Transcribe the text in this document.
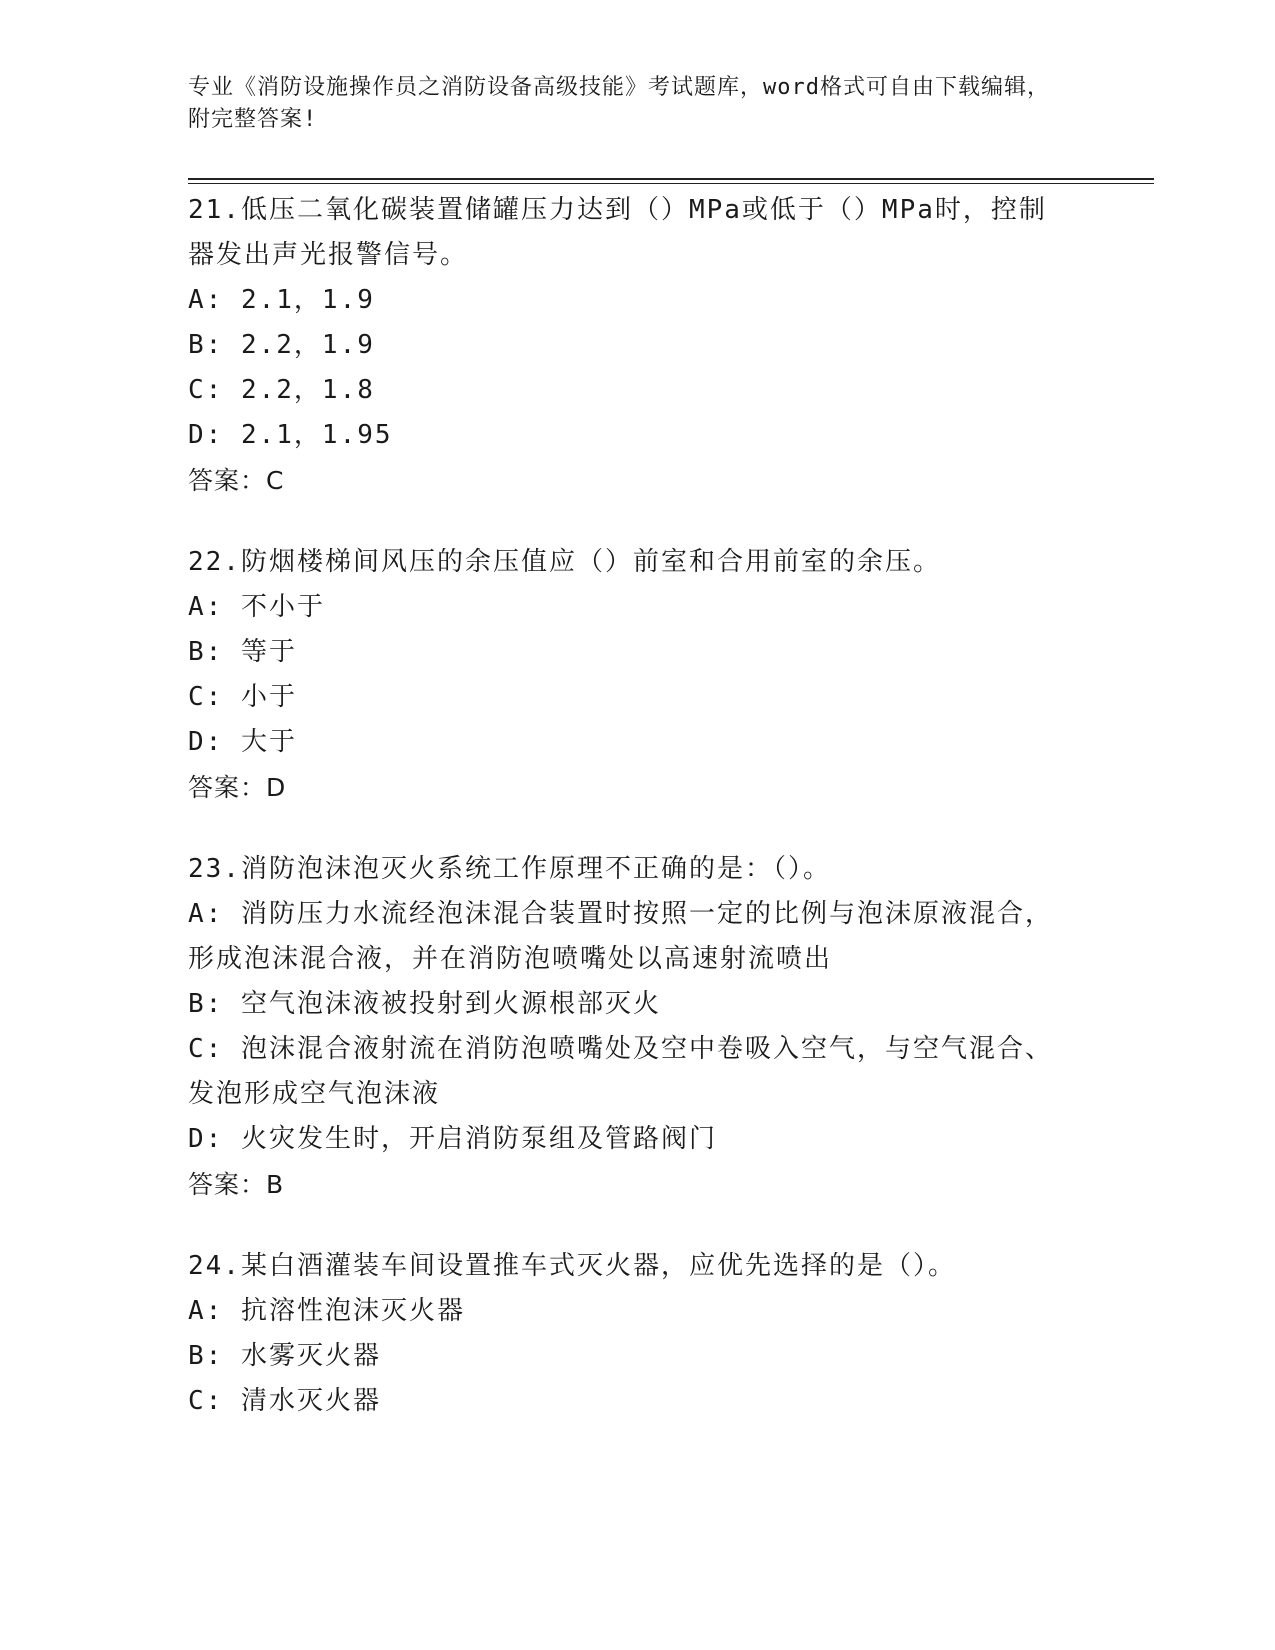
专业《消防设施操作员之消防设备高级技能》考试题库，word格式可自由下载编辑，附完整答案!
21.低压二氧化碳装置储罐压力达到（）MPa或低于（）MPa时，控制器发出声光报警信号。
A: 2.1，1.9
B: 2.2，1.9
C: 2.2，1.8
D: 2.1，1.95
答案：C
22.防烟楼梯间风压的余压值应（）前室和合用前室的余压。
A: 不小于
B: 等于
C: 小于
D: 大于
答案：D
23.消防泡沫泡灭火系统工作原理不正确的是：（）。
A: 消防压力水流经泡沫混合装置时按照一定的比例与泡沫原液混合，形成泡沫混合液，并在消防泡喷嘴处以高速射流喷出
B: 空气泡沫液被投射到火源根部灭火
C: 泡沫混合液射流在消防泡喷嘴处及空中卷吸入空气，与空气混合、发泡形成空气泡沫液
D: 火灾发生时，开启消防泵组及管路阀门
答案：B
24.某白酒灌装车间设置推车式灭火器，应优先选择的是（）。
A: 抗溶性泡沫灭火器
B: 水雾灭火器
C: 清水灭火器
